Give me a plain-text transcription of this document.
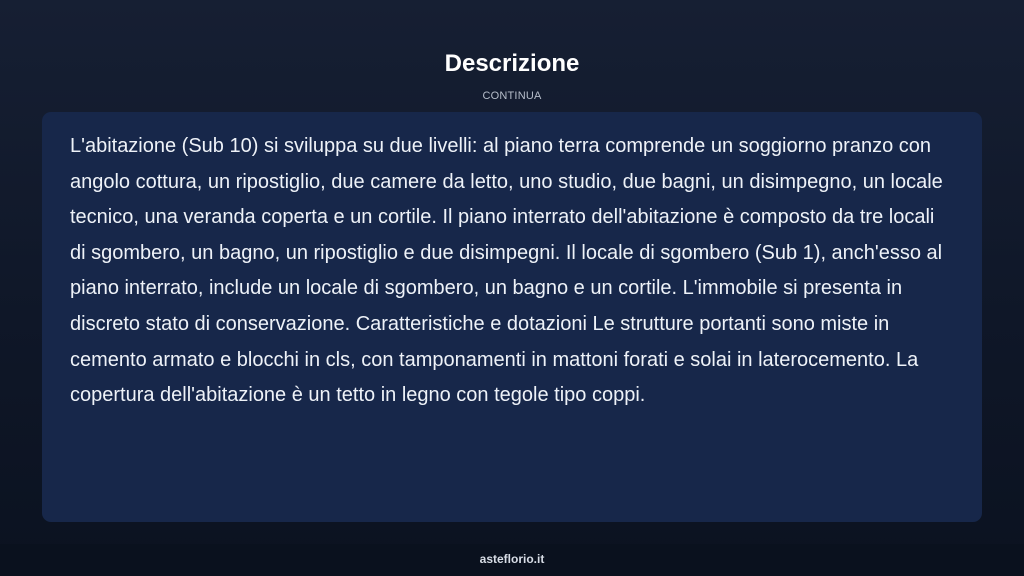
Descrizione
CONTINUA

L'abitazione (Sub 10) si sviluppa su due livelli: al piano terra comprende un soggiorno pranzo con angolo cottura, un ripostiglio, due camere da letto, uno studio, due bagni, un disimpegno, un locale tecnico, una veranda coperta e un cortile. Il piano interrato dell'abitazione è composto da tre locali di sgombero, un bagno, un ripostiglio e due disimpegni. Il locale di sgombero (Sub 1), anch'esso al piano interrato, include un locale di sgombero, un bagno e un cortile. L'immobile si presenta in discreto stato di conservazione. Caratteristiche e dotazioni Le strutture portanti sono miste in cemento armato e blocchi in cls, con tamponamenti in mattoni forati e solai in laterocemento. La copertura dell'abitazione è un tetto in legno con tegole tipo coppi.

asteflorio.it
